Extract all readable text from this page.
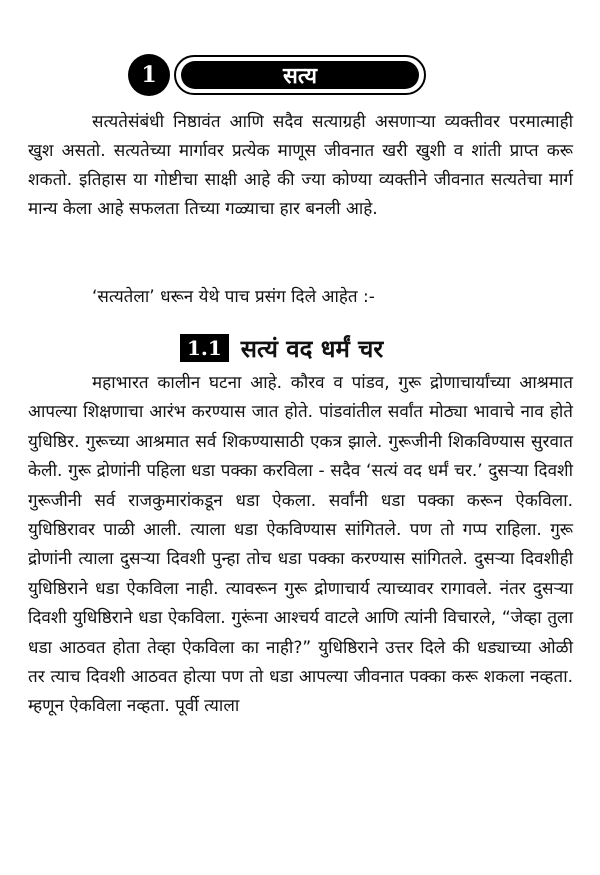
1	सत्य

सत्यतेसंबंधी निष्ठावंत आणि सदैव सत्याग्रही असणाऱ्या व्यक्तीवर परमात्माही खुश असतो. सत्यतेच्या मार्गावर प्रत्येक माणूस जीवनात खरी खुशी व शांती प्राप्त करू शकतो. इतिहास या गोष्टीचा साक्षी आहे की ज्या कोण्या व्यक्तीने जीवनात सत्यतेचा मार्ग मान्य केला आहे सफलता तिच्या गळ्याचा हार बनली आहे.

‘सत्यतेला’ धरून येथे पाच प्रसंग दिले आहेत :-

1.1 सत्यं वद धर्मं चर

महाभारत कालीन घटना आहे. कौरव व पांडव, गुरू द्रोणाचार्यांच्या आश्रमात आपल्या शिक्षणाचा आरंभ करण्यास जात होते. पांडवांतील सर्वांत मोठ्या भावाचे नाव होते युधिष्ठिर. गुरूच्या आश्रमात सर्व शिकण्यासाठी एकत्र झाले. गुरूजीनी शिकविण्यास सुरवात केली. गुरू द्रोणांनी पहिला धडा पक्का करविला - सदैव ‘सत्यं वद धर्मं चर.’ दुसऱ्या दिवशी गुरूजीनी सर्व राजकुमारांकडून धडा ऐकला. सर्वांनी धडा पक्का करून ऐकविला. युधिष्ठिरावर पाळी आली. त्याला धडा ऐकविण्यास सांगितले. पण तो गप्प राहिला. गुरू द्रोणांनी त्याला दुसऱ्या दिवशी पुन्हा तोच धडा पक्का करण्यास सांगितले. दुसऱ्या दिवशीही युधिष्ठिराने धडा ऐकविला नाही. त्यावरून गुरू द्रोणाचार्य त्याच्यावर रागावले. नंतर दुसऱ्या दिवशी युधिष्ठिराने धडा ऐकविला. गुरूंना आश्चर्य वाटले आणि त्यांनी विचारले, “जेव्हा तुला धडा आठवत होता तेव्हा ऐकविला का नाही?” युधिष्ठिराने उत्तर दिले की धड्याच्या ओळी तर त्याच दिवशी आठवत होत्या पण तो धडा आपल्या जीवनात पक्का करू शकला नव्हता. म्हणून ऐकविला नव्हता. पूर्वी त्याला
